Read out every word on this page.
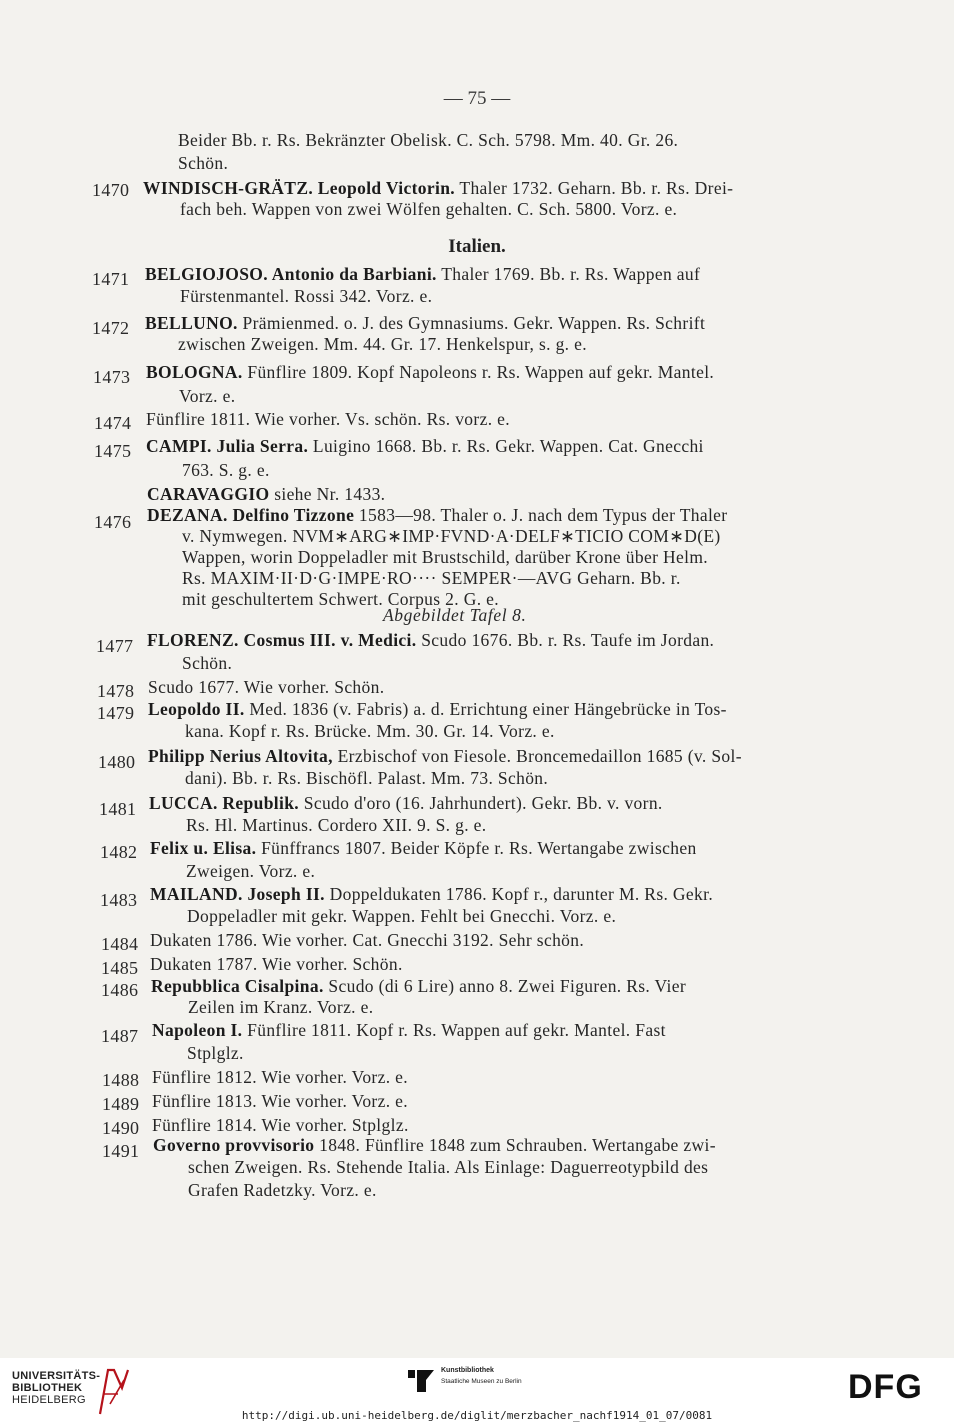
— 75 —
Beider Bb. r. Rs. Bekränzter Obelisk. C. Sch. 5798. Mm. 40. Gr. 26.
Schön.
1470 WINDISCH-GRÄTZ. Leopold Victorin. Thaler 1732. Geharn. Bb. r. Rs. Drei-
fach beh. Wappen von zwei Wölfen gehalten. C. Sch. 5800. Vorz. e.
Italien.
1471 BELGIOJOSO. Antonio da Barbiani. Thaler 1769. Bb. r. Rs. Wappen auf
Fürstenmantel. Rossi 342. Vorz. e.
1472 BELLUNO. Prämienmed. o. J. des Gymnasiums. Gekr. Wappen. Rs. Schrift
zwischen Zweigen. Mm. 44. Gr. 17. Henkelspur, s. g. e.
1473 BOLOGNA. Fünflire 1809. Kopf Napoleons r. Rs. Wappen auf gekr. Mantel.
Vorz. e.
1474 Fünflire 1811. Wie vorher. Vs. schön. Rs. vorz. e.
1475 CAMPI. Julia Serra. Luigino 1668. Bb. r. Rs. Gekr. Wappen. Cat. Gnecchi
763. S. g. e.
CARAVAGGIO siehe Nr. 1433.
1476 DEZANA. Delfino Tizzone 1583—98. Thaler o. J. nach dem Typus der Thaler
v. Nymwegen. NVM∗ARG∗IMP·FVND·A·DELF∗TICIO COM∗D(E)
Wappen, worin Doppeladler mit Brustschild, darüber Krone über Helm.
Rs. MAXIM·II·D·G·IMPE·RO···· SEMPER·—AVG Geharn. Bb. r.
mit geschultertem Schwert. Corpus 2. G. e.
Abgebildet Tafel 8.
1477 FLORENZ. Cosmus III. v. Medici. Scudo 1676. Bb. r. Rs. Taufe im Jordan.
Schön.
1478 Scudo 1677. Wie vorher. Schön.
1479 Leopoldo II. Med. 1836 (v. Fabris) a. d. Errichtung einer Hängebrücke in Tos-
kana. Kopf r. Rs. Brücke. Mm. 30. Gr. 14. Vorz. e.
1480 Philipp Nerius Altovita, Erzbischof von Fiesole. Broncemedaillon 1685 (v. Sol-
dani). Bb. r. Rs. Bischöfl. Palast. Mm. 73. Schön.
1481 LUCCA. Republik. Scudo d'oro (16. Jahrhundert). Gekr. Bb. v. vorn.
Rs. Hl. Martinus. Cordero XII. 9. S. g. e.
1482 Felix u. Elisa. Fünffrancs 1807. Beider Köpfe r. Rs. Wertangabe zwischen
Zweigen. Vorz. e.
1483 MAILAND. Joseph II. Doppeldukaten 1786. Kopf r., darunter M. Rs. Gekr.
Doppeladler mit gekr. Wappen. Fehlt bei Gnecchi. Vorz. e.
1484 Dukaten 1786. Wie vorher. Cat. Gnecchi 3192. Sehr schön.
1485 Dukaten 1787. Wie vorher. Schön.
1486 Repubblica Cisalpina. Scudo (di 6 Lire) anno 8. Zwei Figuren. Rs. Vier
Zeilen im Kranz. Vorz. e.
1487 Napoleon I. Fünflire 1811. Kopf r. Rs. Wappen auf gekr. Mantel. Fast
Stplglz.
1488 Fünflire 1812. Wie vorher. Vorz. e.
1489 Fünflire 1813. Wie vorher. Vorz. e.
1490 Fünflire 1814. Wie vorher. Stplglz.
1491 Governo provvisorio 1848. Fünflire 1848 zum Schrauben. Wertangabe zwi-
schen Zweigen. Rs. Stehende Italia. Als Einlage: Daguerreotypbild des
Grafen Radetzky. Vorz. e.
UNIVERSITÄTS-
BIBLIOTHEK
HEIDELBERG
Kunstbibliothek
Staatliche Museen zu Berlin	DFG
http://digi.ub.uni-heidelberg.de/diglit/merzbacher_nachf1914_01_07/0081
